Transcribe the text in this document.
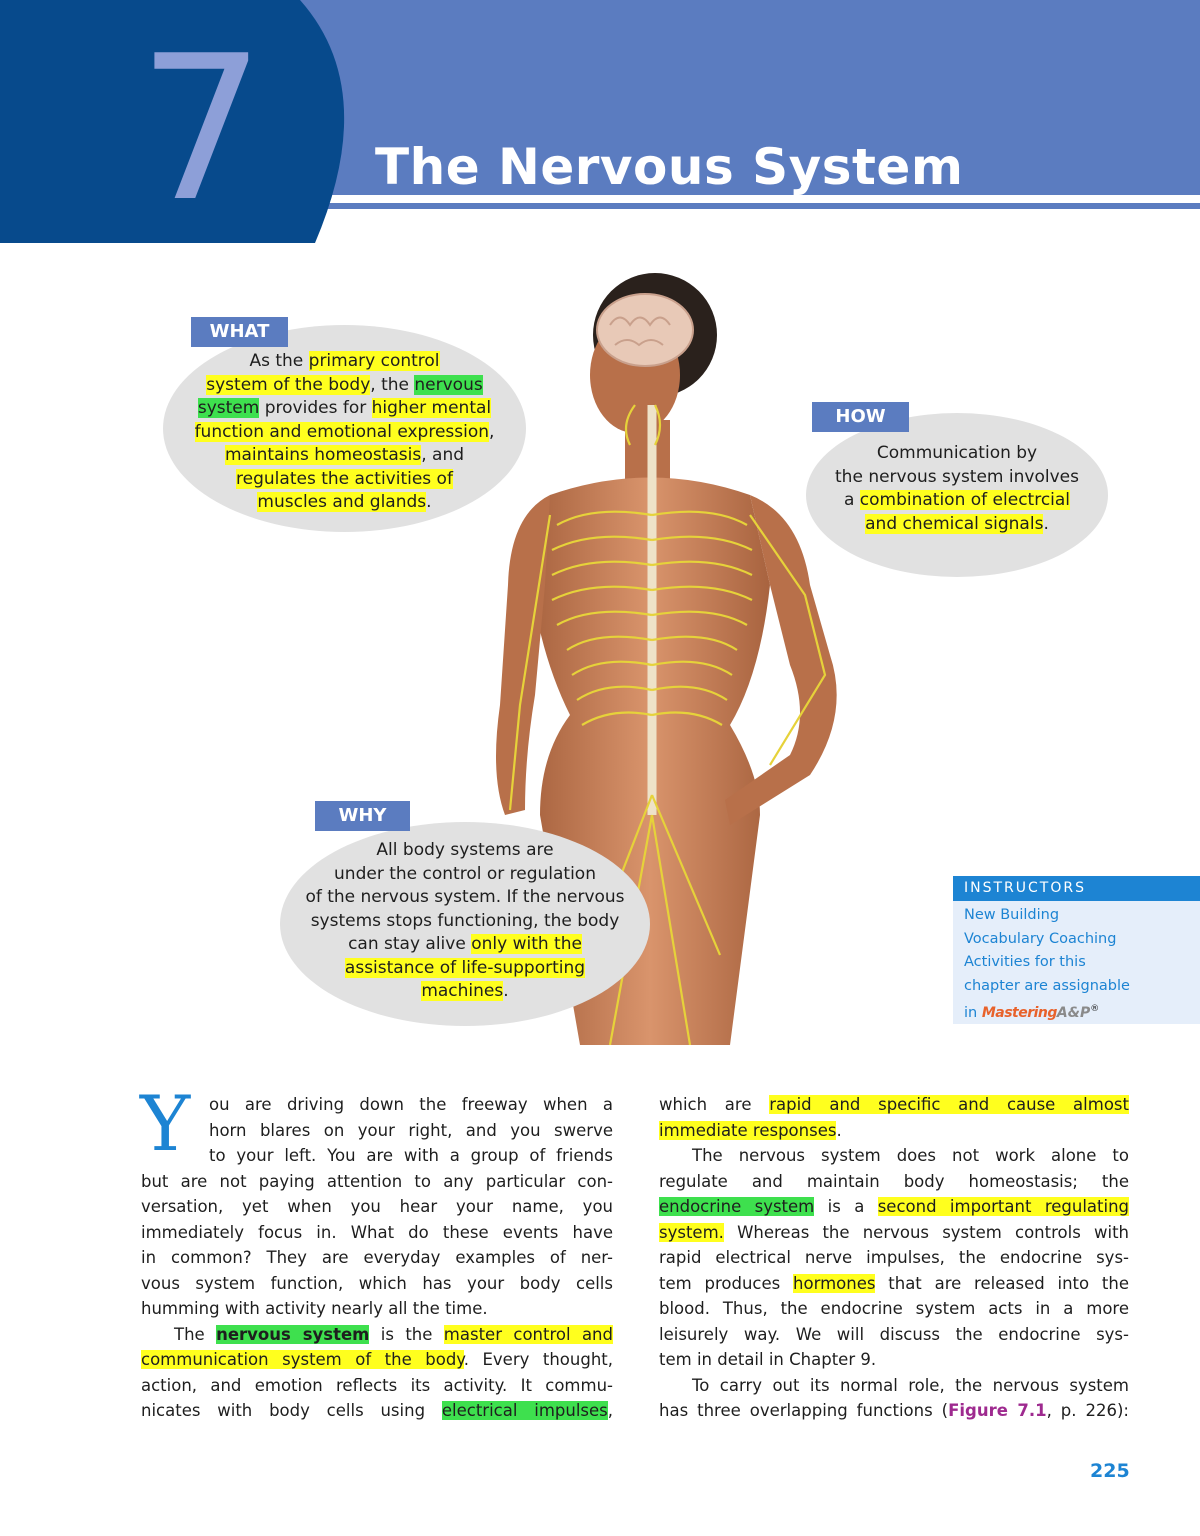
7 The Nervous System
WHAT
As the primary control
system of the body, the nervous
system provides for higher mental
function and emotional expression,
maintains homeostasis, and
regulates the activities of
muscles and glands.
HOW
Communication by
the nervous system involves
a combination of electrcial
and chemical signals.
WHY
All body systems are
under the control or regulation
of the nervous system. If the nervous
systems stops functioning, the body
can stay alive only with the
assistance of life-supporting
machines.
INSTRUCTORS
New Building
Vocabulary Coaching
Activities for this
chapter are assignable
in MasteringA&P®
Y	ou are driving down the freeway when a
horn blares on your right, and you swerve
to your left. You are with a group of friends
but are not paying attention to any particular con-
versation, yet when you hear your name, you
immediately focus in. What do these events have
in common? They are everyday examples of ner-
vous system function, which has your body cells
humming with activity nearly all the time.
The nervous system is the master control and
communication system of the body. Every thought,
action, and emotion reflects its activity. It commu-
nicates with body cells using electrical impulses,
which are rapid and specific and cause almost
immediate responses.
The nervous system does not work alone to
regulate and maintain body homeostasis; the
endocrine system is a second important regulating
system. Whereas the nervous system controls with
rapid electrical nerve impulses, the endocrine sys-
tem produces hormones that are released into the
blood. Thus, the endocrine system acts in a more
leisurely way. We will discuss the endocrine sys-
tem in detail in Chapter 9.
To carry out its normal role, the nervous system
has three overlapping functions (Figure 7.1, p. 226):
225
